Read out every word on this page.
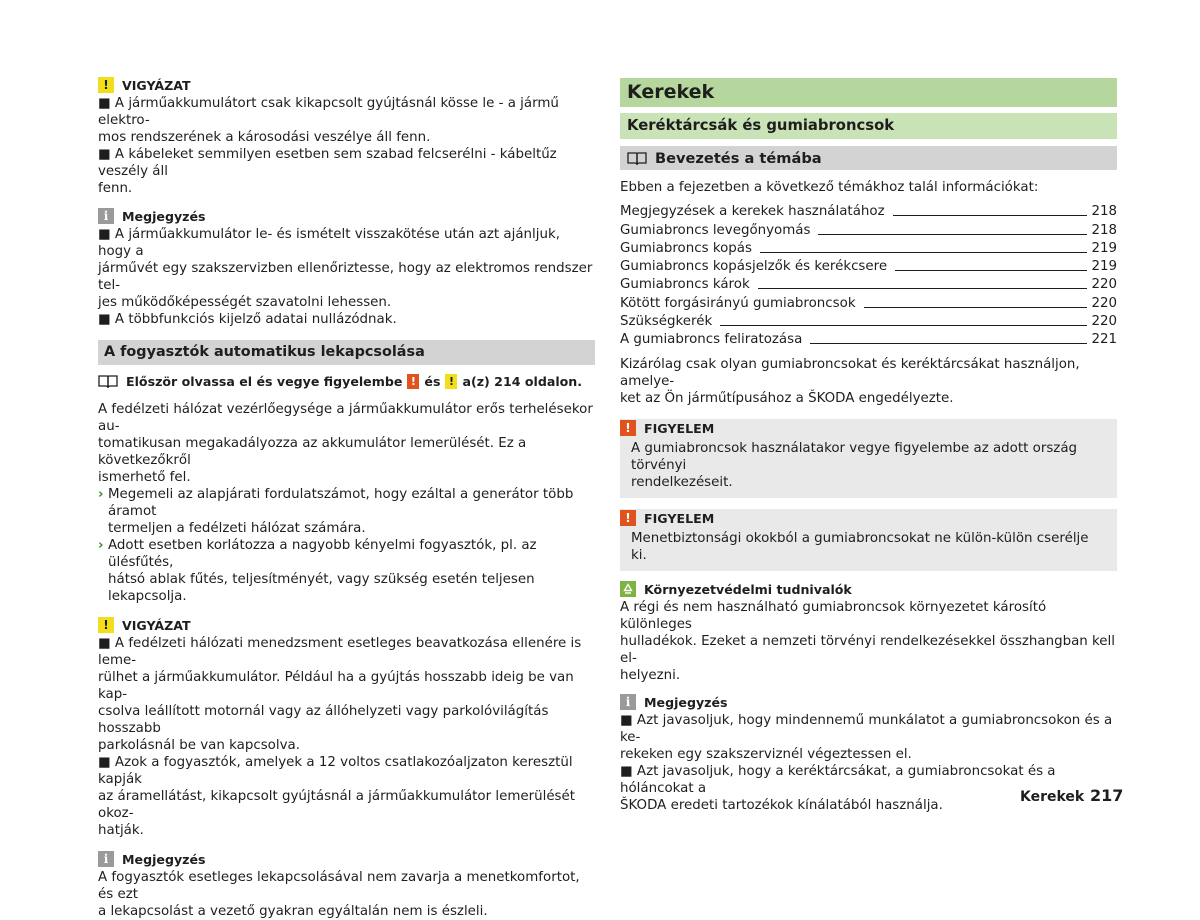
!	VIGYÁZAT

■ A járműakkumulátort csak kikapcsolt gyújtásnál kösse le - a jármű elektro-

mos rendszerének a károsodási veszélye áll fenn.

■ A kábeleket semmilyen esetben sem szabad felcserélni - kábeltűz veszély áll

fenn.

i	Megjegyzés

■ A járműakkumulátor le- és ismételt visszakötése után azt ajánljuk, hogy a

járművét egy szakszervizben ellenőriztesse, hogy az elektromos rendszer tel-

jes működőképességét szavatolni lehessen.

■ A többfunkciós kijelző adatai nullázódnak.

A fogyasztók automatikus lekapcsolása
Először olvassa el és vegye figyelembe ! és ! a(z) 214 oldalon.

A fedélzeti hálózat vezérlőegysége a járműakkumulátor erős terhelésekor au-

tomatikusan megakadályozza az akkumulátor lemerülését. Ez a következőkről

ismerhető fel.

› Megemeli az alapjárati fordulatszámot, hogy ezáltal a generátor több áramot

termeljen a fedélzeti hálózat számára.

› Adott esetben korlátozza a nagyobb kényelmi fogyasztók, pl. az ülésfűtés,

hátsó ablak fűtés, teljesítményét, vagy szükség esetén teljesen lekapcsolja.

!	VIGYÁZAT

■ A fedélzeti hálózati menedzsment esetleges beavatkozása ellenére is leme-

rülhet a járműakkumulátor. Például ha a gyújtás hosszabb ideig be van kap-

csolva leállított motornál vagy az állóhelyzeti vagy parkolóvilágítás hosszabb

parkolásnál be van kapcsolva.

■ Azok a fogyasztók, amelyek a 12 voltos csatlakozóaljzaton keresztül kapják

az áramellátást, kikapcsolt gyújtásnál a járműakkumulátor lemerülését okoz-

hatják.

i	Megjegyzés

A fogyasztók esetleges lekapcsolásával nem zavarja a menetkomfortot, és ezt

a lekapcsolást a vezető gyakran egyáltalán nem is észleli.

Kerekek
Keréktárcsák és gumiabroncsok
Bevezetés a témába

Ebben a fejezetben a következő témákhoz talál információkat:

Megjegyzések a kerekek használatához	218
Gumiabroncs levegőnyomás	218
Gumiabroncs kopás	219
Gumiabroncs kopásjelzők és kerékcsere	219
Gumiabroncs károk	220
Kötött forgásirányú gumiabroncsok	220
Szükségkerék	220
A gumiabroncs feliratozása	221

Kizárólag csak olyan gumiabroncsokat és keréktárcsákat használjon, amelye-

ket az Ön járműtípusához a ŠKODA engedélyezte.

!	FIGYELEM

A gumiabroncsok használatakor vegye figyelembe az adott ország törvényi

rendelkezéseit.

!	FIGYELEM

Menetbiztonsági okokból a gumiabroncsokat ne külön-külön cserélje ki.

Környezetvédelmi tudnivalók

A régi és nem használható gumiabroncsok környezetet károsító különleges

hulladékok. Ezeket a nemzeti törvényi rendelkezésekkel összhangban kell el-

helyezni.

i	Megjegyzés

■ Azt javasoljuk, hogy mindennemű munkálatot a gumiabroncsokon és a ke-

rekeken egy szakszerviznél végeztessen el.

■ Azt javasoljuk, hogy a keréktárcsákat, a gumiabroncsokat és a hóláncokat a

ŠKODA eredeti tartozékok kínálatából használja.

Kerekek 217
